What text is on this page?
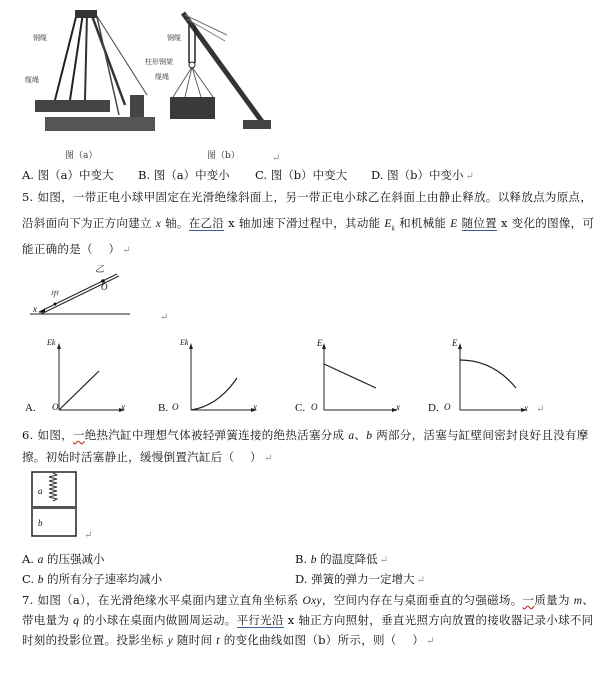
钢缆
缆绳
图（a）
钢缆
柱形钢架
缆绳
图（b）	↵
A. 图（a）中变大 B. 图（a）中变小 C. 图（b）中变大 D. 图（b）中变小 ↵
5. 如图，一带正电小球甲固定在光滑绝缘斜面上，另一带正电小球乙在斜面上由静止释放。以释放点为原点，
沿斜面向下为正方向建立 x 轴。在乙沿 x 轴加速下滑过程中，其动能 $E_k$ 和机械能 E 随位置 x 变化的图像，可
能正确的是（　 ） ↵
乙
甲
O
x
↵
A.
Ek
O	x	B.
Ek
O	x	C.
E
O	x	D.
E
O	x ↵
6. 如图，一绝热汽缸中理想气体被轻弹簧连接的绝热活塞分成 a、b 两部分，活塞与缸壁间密封良好且没有摩
擦。初始时活塞静止，缓慢倒置汽缸后（　 ） ↵
a
b
↵
A. a 的压强减小	B. b 的温度降低 ↵
C. b 的所有分子速率均减小	D. 弹簧的弹力一定增大 ↵
7. 如图（a），在光滑绝缘水平桌面内建立直角坐标系 Oxy，空间内存在与桌面垂直的匀强磁场。一质量为 m、
带电量为 q 的小球在桌面内做圆周运动。平行光沿 x 轴正方向照射，垂直光照方向放置的接收器记录小球不同
时刻的投影位置。投影坐标 y 随时间 t 的变化曲线如图（b）所示，则（　 ） ↵
